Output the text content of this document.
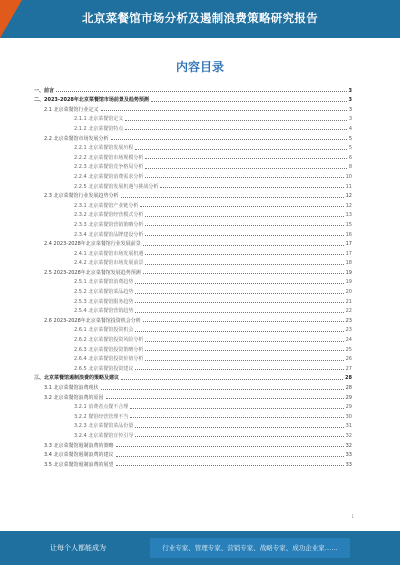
北京菜餐馆市场分析及遏制浪费策略研究报告
内容目录
一、前言	3
二、2023-2028年北京菜餐馆市场前景及趋势预测	3
2.1 北京菜餐馆行业定义	3
2.1.1 北京菜餐馆定义	3
2.1.2 北京菜餐馆特点	4
2.2 北京菜餐馆市场发展分析	5
2.2.1 北京菜餐馆发展历程	5
2.2.2 北京菜餐馆市场规模分析	6
2.2.3 北京菜餐馆竞争格局分析	8
2.2.4 北京菜餐馆消费需求分析	10
2.2.5 北京菜餐馆发展机遇与挑战分析	11
2.3 北京菜餐馆行业发展趋势分析	12
2.3.1 北京菜餐馆产业链分析	12
2.3.2 北京菜餐馆经营模式分析	13
2.3.3 北京菜餐馆营销策略分析	15
2.3.4 北京菜餐馆品牌建设分析	16
2.4 2023-2028年北京菜餐馆行业发展前景	17
2.4.1 北京菜餐馆市场发展机遇	17
2.4.2 北京菜餐馆市场发展前景	18
2.5 2023-2028年北京菜餐馆发展趋势预测	19
2.5.1 北京菜餐馆消费趋势	19
2.5.2 北京菜餐馆菜品趋势	20
2.5.3 北京菜餐馆服务趋势	21
2.5.4 北京菜餐馆营销趋势	22
2.6 2023-2028年北京菜餐馆投资机会分析	23
2.6.1 北京菜餐馆投资机会	23
2.6.2 北京菜餐馆投资风险分析	24
2.6.3 北京菜餐馆投资策略分析	25
2.6.4 北京菜餐馆投资价值分析	26
2.6.5 北京菜餐馆投资建议	27
三、北京菜餐馆遏制浪费的策略及建议	28
3.1 北京菜餐馆浪费现状	28
3.2 北京菜餐馆浪费的原因	29
3.2.1 消费者点餐不合理	29
3.2.2 餐馆经营管理不当	30
3.2.3 北京菜餐馆菜品份量	31
3.2.4 北京菜餐馆宣传引导	32
3.3 北京菜餐馆遏制浪费的策略	32
3.4 北京菜餐馆遏制浪费的建议	33
3.5 北京菜餐馆遏制浪费的展望	33
1
让每个人都能成为	行业专家、管理专家、营销专家、战略专家、成功企业家……
